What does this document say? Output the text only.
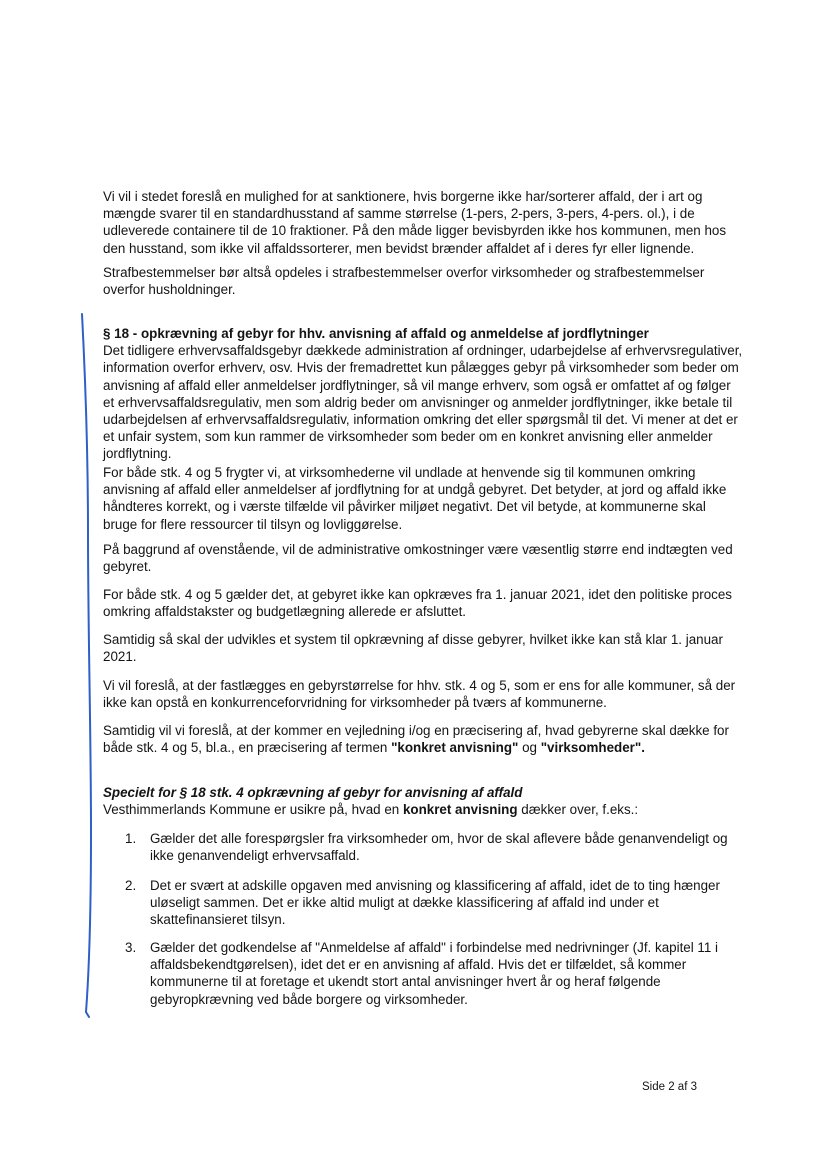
Vi vil i stedet foreslå en mulighed for at sanktionere, hvis borgerne ikke har/sorterer affald, der i art og mængde svarer til en standardhusstand af samme størrelse (1-pers, 2-pers, 3-pers, 4-pers. ol.), i de udleverede containere til de 10 fraktioner. På den måde ligger bevisbyrden ikke hos kommunen, men hos den husstand, som ikke vil affaldssorterer, men bevidst brænder affaldet af i deres fyr eller lignende.

Strafbestemmelser bør altså opdeles i strafbestemmelser overfor virksomheder og strafbestemmelser overfor husholdninger.

§ 18 - opkrævning af gebyr for hhv. anvisning af affald og anmeldelse af jordflytninger

Det tidligere erhvervsaffaldsgebyr dækkede administration af ordninger, udarbejdelse af erhvervsregulativer, information overfor erhverv, osv. Hvis der fremadrettet kun pålægges gebyr på virksomheder som beder om anvisning af affald eller anmeldelser jordflytninger, så vil mange erhverv, som også er omfattet af og følger et erhvervsaffaldsregulativ, men som aldrig beder om anvisninger og anmelder jordflytninger, ikke betale til udarbejdelsen af erhvervsaffaldsregulativ, information omkring det eller spørgsmål til det. Vi mener at det er et unfair system, som kun rammer de virksomheder som beder om en konkret anvisning eller anmelder jordflytning.

For både stk. 4 og 5 frygter vi, at virksomhederne vil undlade at henvende sig til kommunen omkring anvisning af affald eller anmeldelser af jordflytning for at undgå gebyret. Det betyder, at jord og affald ikke håndteres korrekt, og i værste tilfælde vil påvirker miljøet negativt. Det vil betyde, at kommunerne skal bruge for flere ressourcer til tilsyn og lovliggørelse.

På baggrund af ovenstående, vil de administrative omkostninger være væsentlig større end indtægten ved gebyret.

For både stk. 4 og 5 gælder det, at gebyret ikke kan opkræves fra 1. januar 2021, idet den politiske proces omkring affaldstakster og budgetlægning allerede er afsluttet.

Samtidig så skal der udvikles et system til opkrævning af disse gebyrer, hvilket ikke kan stå klar 1. januar 2021.

Vi vil foreslå, at der fastlægges en gebyrstørrelse for hhv. stk. 4 og 5, som er ens for alle kommuner, så der ikke kan opstå en konkurrenceforvridning for virksomheder på tværs af kommunerne.

Samtidig vil vi foreslå, at der kommer en vejledning i/og en præcisering af, hvad gebyrerne skal dække for både stk. 4 og 5, bl.a., en præcisering af termen "konkret anvisning" og "virksomheder".

Specielt for § 18 stk. 4 opkrævning af gebyr for anvisning af affald

Vesthimmerlands Kommune er usikre på, hvad en konkret anvisning dækker over, f.eks.:

1. Gælder det alle forespørgsler fra virksomheder om, hvor de skal aflevere både genanvendeligt og ikke genanvendeligt erhvervsaffald.
2. Det er svært at adskille opgaven med anvisning og klassificering af affald, idet de to ting hænger uløseligt sammen. Det er ikke altid muligt at dække klassificering af affald ind under et skattefinansieret tilsyn.
3. Gælder det godkendelse af "Anmeldelse af affald" i forbindelse med nedrivninger (Jf. kapitel 11 i affaldsbekendtgørelsen), idet det er en anvisning af affald. Hvis det er tilfældet, så kommer kommunerne til at foretage et ukendt stort antal anvisninger hvert år og heraf følgende gebyropkrævning ved både borgere og virksomheder.
Side 2 af 3
